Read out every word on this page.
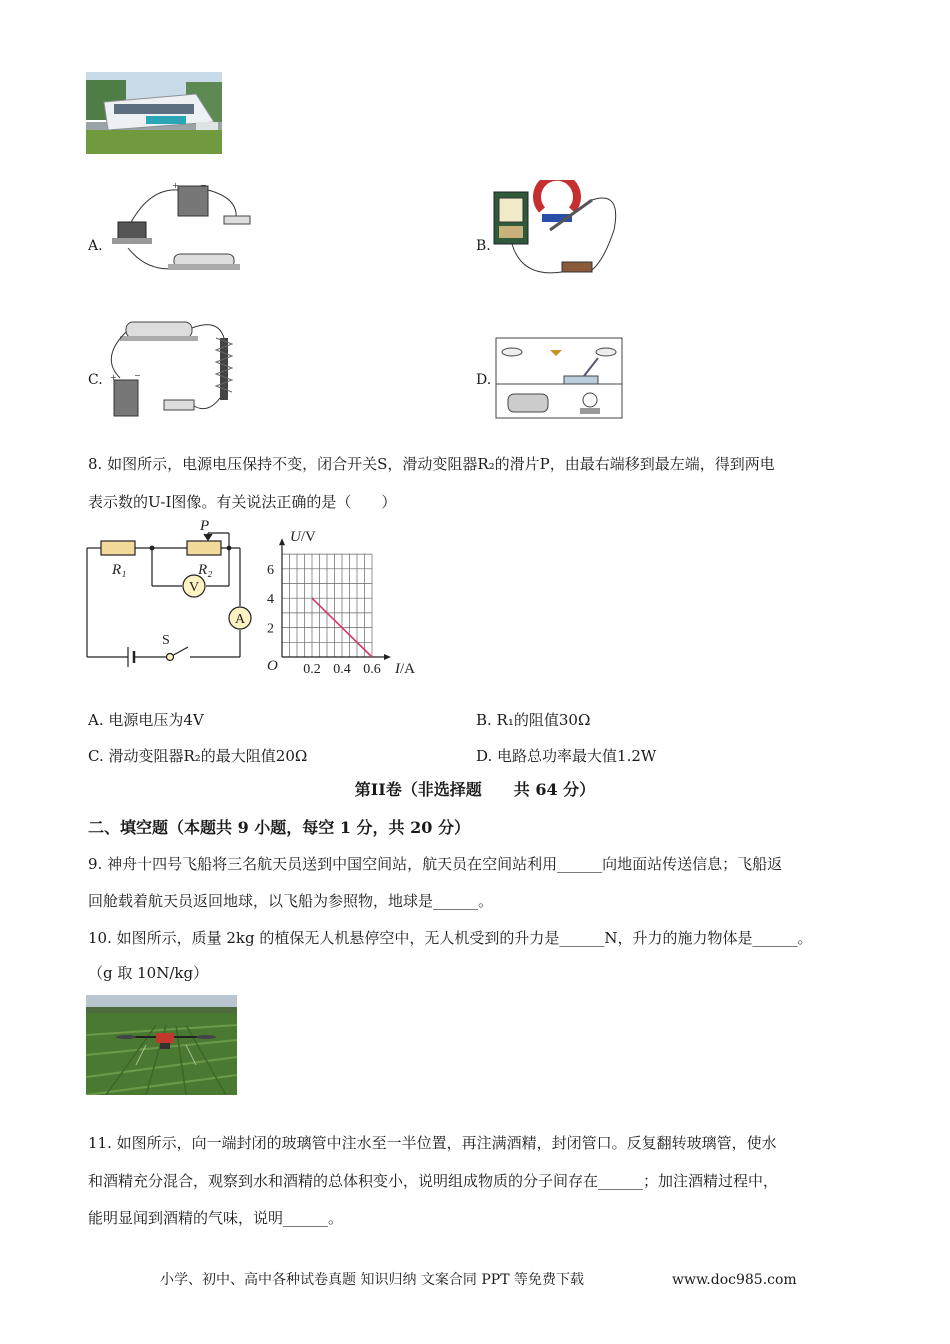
A.
+	−
B.
C. + −	D.
8. 如图所示，电源电压保持不变，闭合开关S，滑动变阻器R₂的滑片P，由最右端移到最左端，得到两电
表示数的U-I图像。有关说法正确的是（　　）
P
R₁	R₂
V
A
S
0.2 0.4 0.6
2
4
6
U/V
I/A
O
A. 电源电压为4V	B. R₁的阻值30Ω
C. 滑动变阻器R₂的最大阻值20Ω	D. 电路总功率最大值1.2W
第II卷（非选择题　　共 64 分）
二、填空题（本题共 9 小题，每空 1 分，共 20 分）
9. 神舟十四号飞船将三名航天员送到中国空间站，航天员在空间站利用______向地面站传送信息；飞船返
回舱载着航天员返回地球，以飞船为参照物，地球是______。
10. 如图所示，质量 2kg 的植保无人机悬停空中，无人机受到的升力是______N，升力的施力物体是______。
（g 取 10N/kg）
11. 如图所示，向一端封闭的玻璃管中注水至一半位置，再注满酒精，封闭管口。反复翻转玻璃管，使水
和酒精充分混合，观察到水和酒精的总体积变小，说明组成物质的分子间存在______；加注酒精过程中，
能明显闻到酒精的气味，说明______。
小学、初中、高中各种试卷真题 知识归纳 文案合同 PPT 等免费下载	www.doc985.com
